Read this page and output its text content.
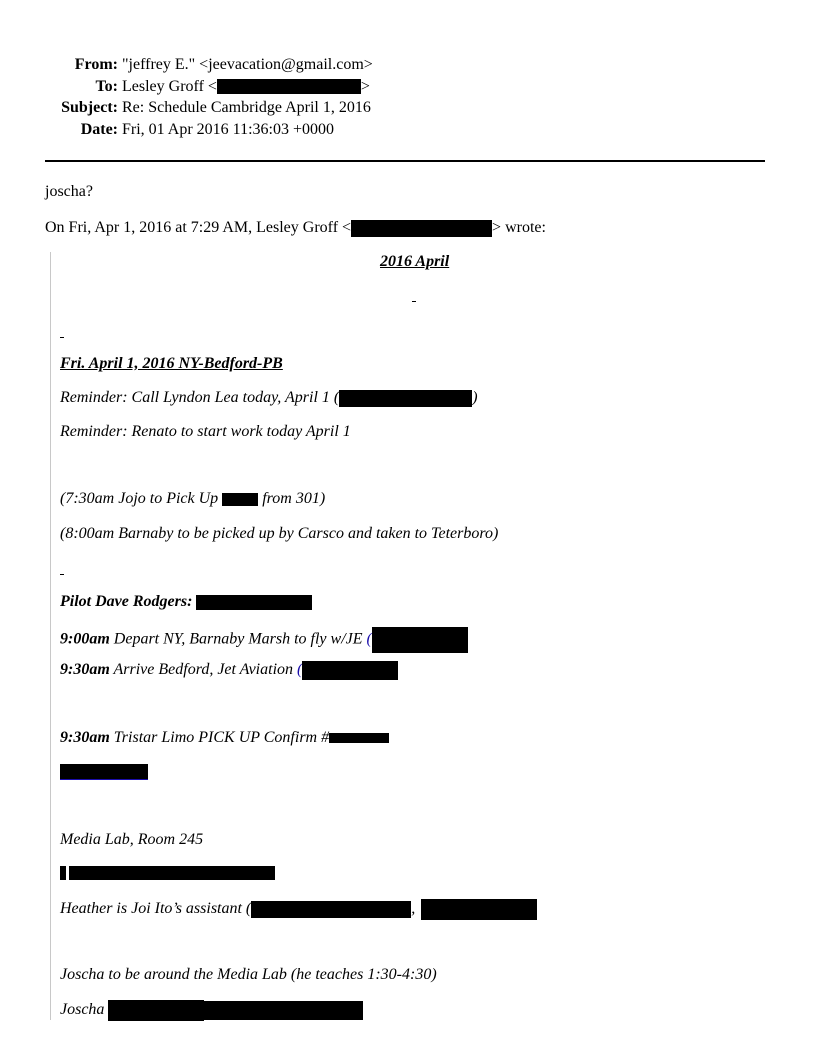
From:	"jeffrey E." <jeevacation@gmail.com>
To:	Lesley Groff < >
Subject:	Re: Schedule Cambridge April 1, 2016
Date:	Fri, 01 Apr 2016 11:36:03 +0000
joscha?
On Fri, Apr 1, 2016 at 7:29 AM, Lesley Groff <	> wrote:
2016 April
Fri. April 1, 2016 NY-Bedford-PB
Reminder: Call Lyndon Lea today, April 1 (	)
Reminder: Renato to start work today April 1
(7:30am Jojo to Pick Up  from 301)
(8:00am Barnaby to be picked up by Carsco and taken to Teterboro)
Pilot Dave Rodgers:
9:00am Depart NY, Barnaby Marsh to fly w/JE (
9:30am Arrive Bedford, Jet Aviation (
9:30am Tristar Limo PICK UP Confirm #
Media Lab, Room 245
Heather is Joi Ito’s assistant (	,
Joscha to be around the Media Lab (he teaches 1:30-4:30)
Joscha
